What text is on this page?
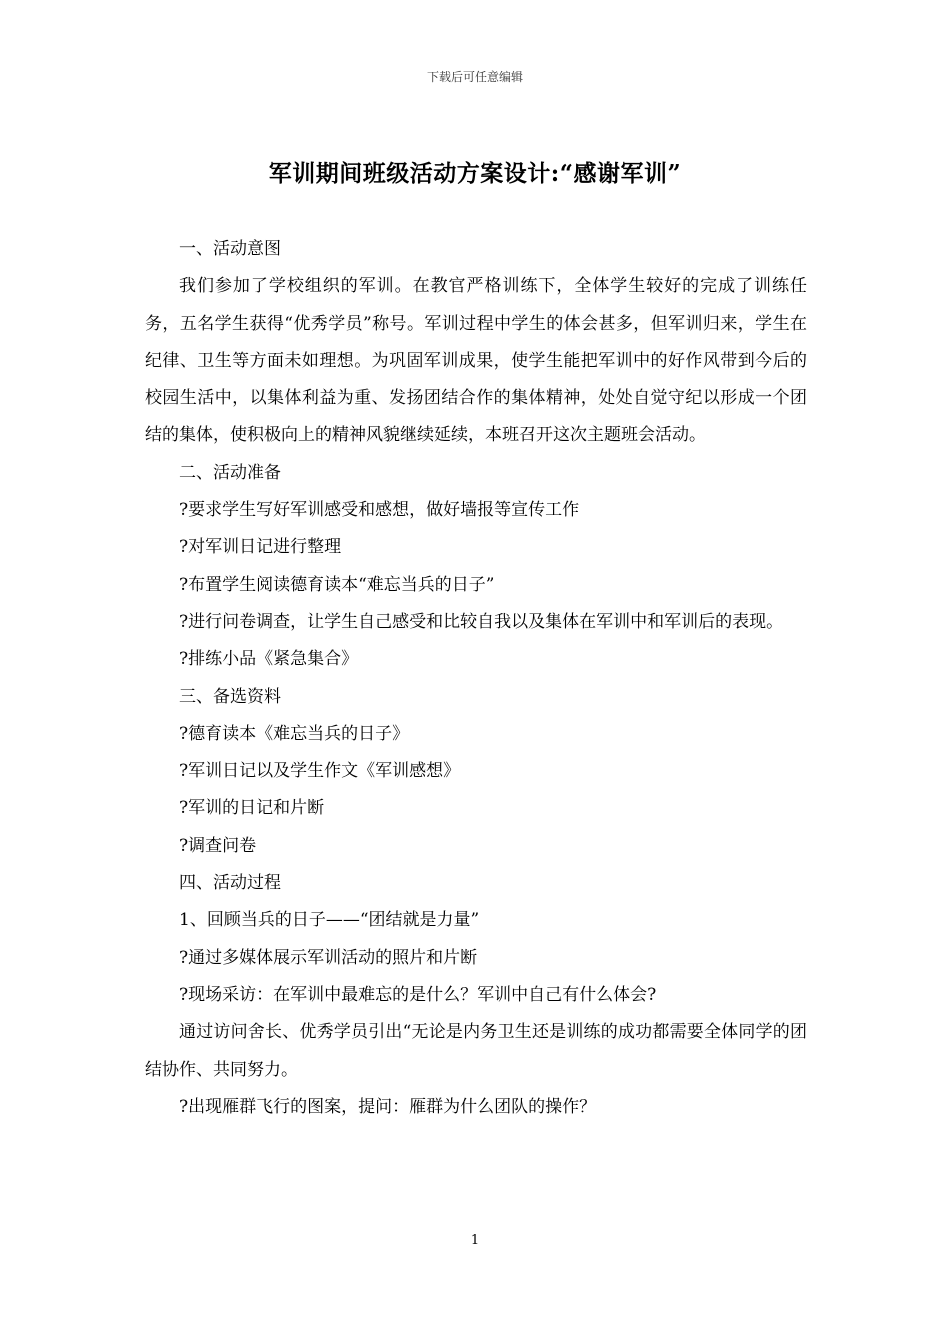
下载后可任意编辑
军训期间班级活动方案设计:“感谢军训”

一、活动意图

我们参加了学校组织的军训。在教官严格训练下，全体学生较好的完成了训练任务，五名学生获得“优秀学员”称号。军训过程中学生的体会甚多，但军训归来，学生在纪律、卫生等方面未如理想。为巩固军训成果，使学生能把军训中的好作风带到今后的校园生活中，以集体利益为重、发扬团结合作的集体精神，处处自觉守纪以形成一个团结的集体，使积极向上的精神风貌继续延续，本班召开这次主题班会活动。

二、活动准备

?要求学生写好军训感受和感想，做好墙报等宣传工作

?对军训日记进行整理

?布置学生阅读德育读本“难忘当兵的日子”

?进行问卷调查，让学生自己感受和比较自我以及集体在军训中和军训后的表现。

?排练小品《紧急集合》

三、备选资料

?德育读本《难忘当兵的日子》

?军训日记以及学生作文《军训感想》

?军训的日记和片断

?调查问卷

四、活动过程

1、回顾当兵的日子——“团结就是力量”

?通过多媒体展示军训活动的照片和片断

?现场采访：在军训中最难忘的是什么？军训中自己有什么体会?

通过访问舍长、优秀学员引出“无论是内务卫生还是训练的成功都需要全体同学的团结协作、共同努力。

?出现雁群飞行的图案，提问：雁群为什么团队的操作？

1
